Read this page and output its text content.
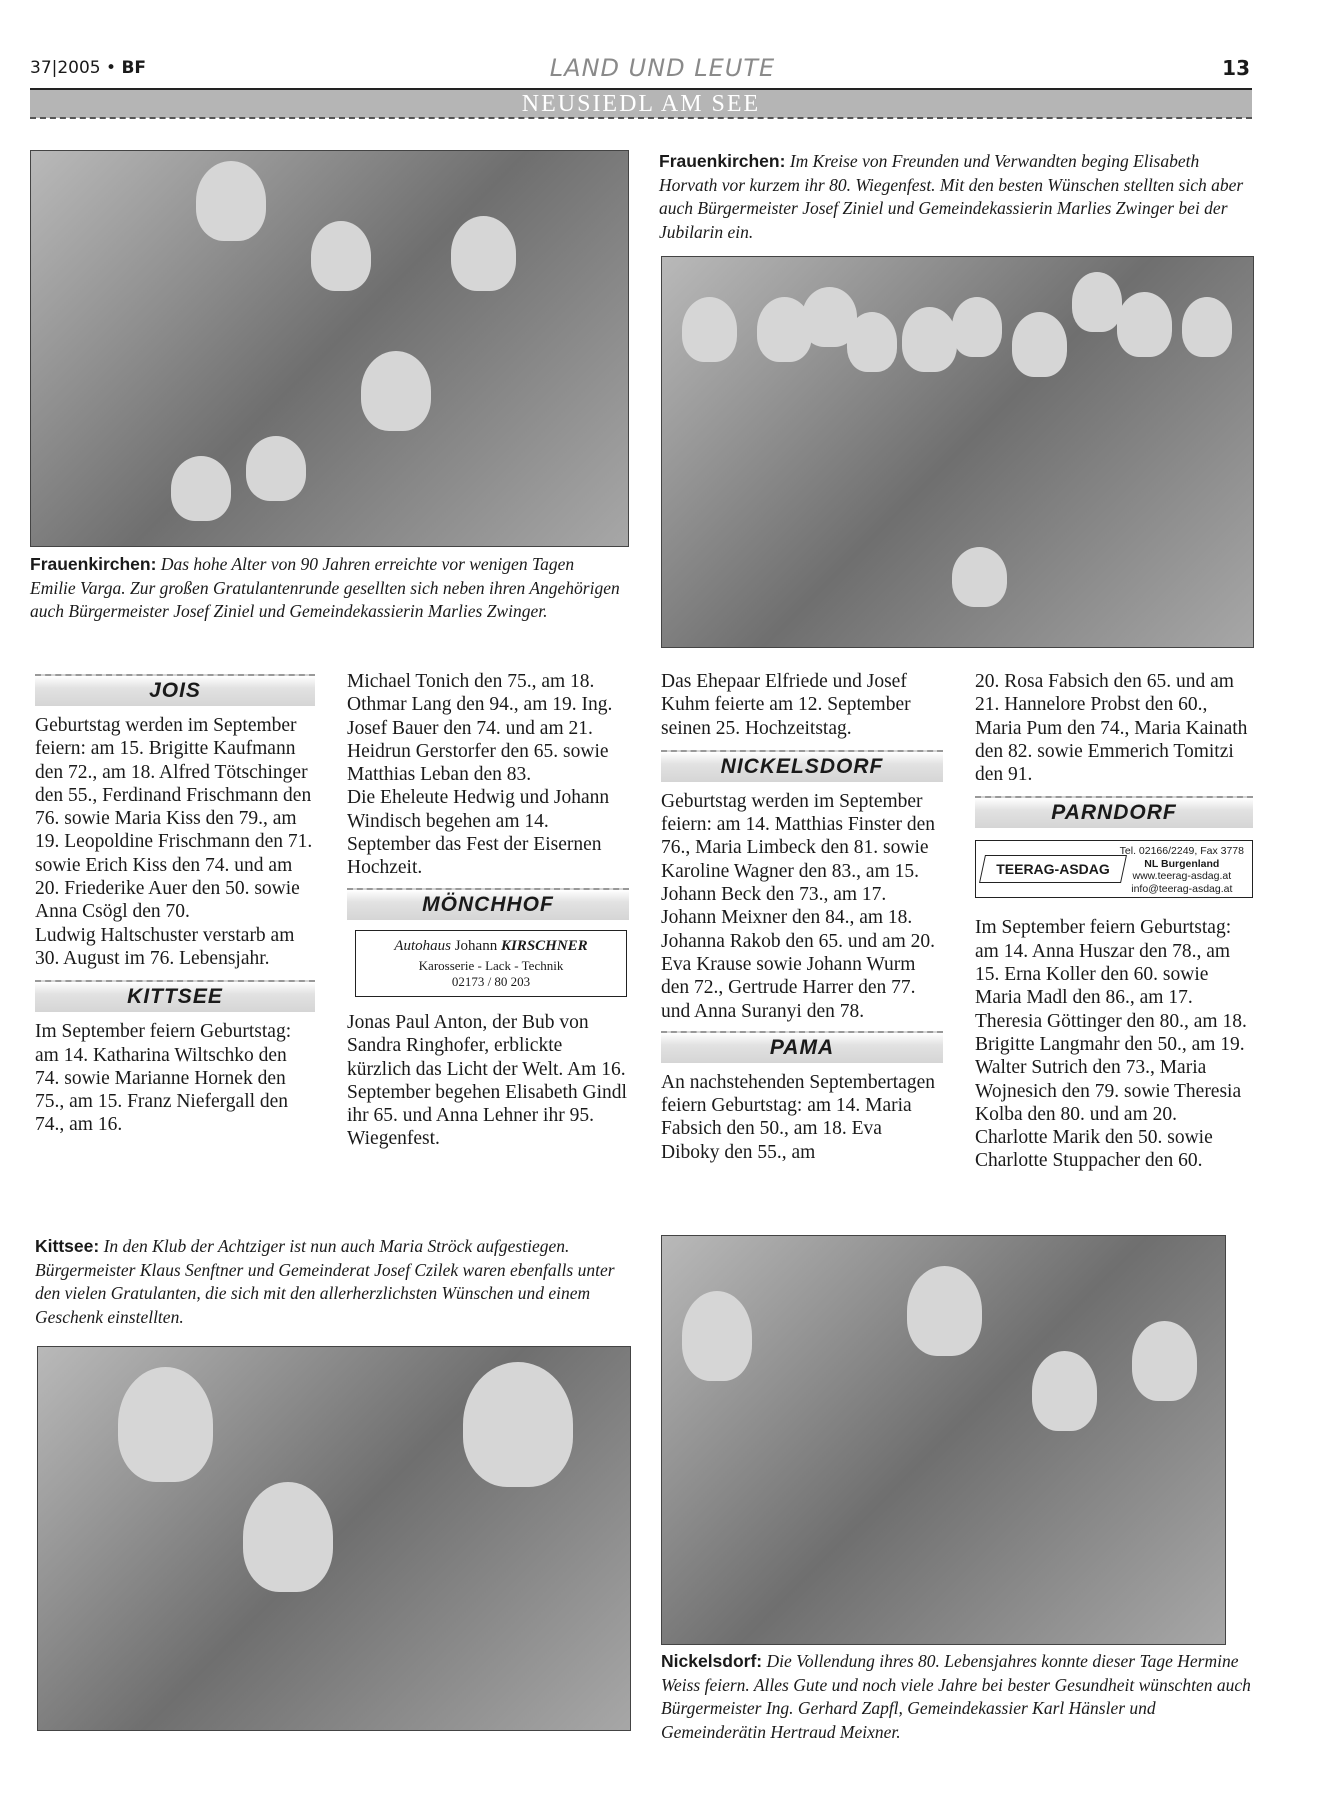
37|2005 • BF	LAND UND LEUTE	13
NEUSIEDL AM SEE
Frauenkirchen: Das hohe Alter von 90 Jahren erreichte vor wenigen Tagen Emilie Varga. Zur großen Gratulantenrunde gesellten sich neben ihren Angehörigen auch Bürgermeister Josef Ziniel und Gemeindekassierin Marlies Zwinger.
Frauenkirchen: Im Kreise von Freunden und Verwandten beging Elisabeth Horvath vor kurzem ihr 80. Wiegenfest. Mit den besten Wünschen stellten sich aber auch Bürgermeister Josef Ziniel und Gemeindekassierin Marlies Zwinger bei der Jubilarin ein.
JOIS

Geburtstag werden im September feiern: am 15. Brigitte Kaufmann den 72., am 18. Alfred Tötschinger den 55., Ferdinand Frischmann den 76. sowie Maria Kiss den 79., am 19. Leopoldine Frischmann den 71. sowie Erich Kiss den 74. und am 20. Friederike Auer den 50. sowie Anna Csögl den 70.

Ludwig Haltschuster verstarb am 30. August im 76. Lebensjahr.

KITTSEE

Im September feiern Geburtstag: am 14. Katharina Wiltschko den 74. sowie Marianne Hornek den 75., am 15. Franz Niefergall den 74., am 16.

Michael Tonich den 75., am 18. Othmar Lang den 94., am 19. Ing. Josef Bauer den 74. und am 21. Heidrun Gerstorfer den 65. sowie Matthias Leban den 83.

Die Eheleute Hedwig und Johann Windisch begehen am 14. September das Fest der Eisernen Hochzeit.

MÖNCHHOF
Autohaus Johann KIRSCHNER
Karosserie - Lack - Technik
02173 / 80 203

Jonas Paul Anton, der Bub von Sandra Ringhofer, erblickte kürzlich das Licht der Welt. Am 16. September begehen Elisabeth Gindl ihr 65. und Anna Lehner ihr 95. Wiegenfest.

Das Ehepaar Elfriede und Josef Kuhm feierte am 12. September seinen 25. Hochzeitstag.

NICKELSDORF

Geburtstag werden im September feiern: am 14. Matthias Finster den 76., Maria Limbeck den 81. sowie Karoline Wagner den 83., am 15. Johann Beck den 73., am 17. Johann Meixner den 84., am 18. Johanna Rakob den 65. und am 20. Eva Krause sowie Johann Wurm den 72., Gertrude Harrer den 77. und Anna Suranyi den 78.

PAMA

An nachstehenden Septembertagen feiern Geburtstag: am 14. Maria Fabsich den 50., am 18. Eva Diboky den 55., am

20. Rosa Fabsich den 65. und am 21. Hannelore Probst den 60., Maria Pum den 74., Maria Kainath den 82. sowie Emmerich Tomitzi den 91.

PARNDORF
TEERAG-ASDAG
Tel. 02166/2249, Fax 3778
NL Burgenland
www.teerag-asdag.at
info@teerag-asdag.at

Im September feiern Geburtstag: am 14. Anna Huszar den 78., am 15. Erna Koller den 60. sowie Maria Madl den 86., am 17. Theresia Göttinger den 80., am 18. Brigitte Langmahr den 50., am 19. Walter Sutrich den 73., Maria Wojnesich den 79. sowie Theresia Kolba den 80. und am 20. Charlotte Marik den 50. sowie Charlotte Stuppacher den 60.

Kittsee: In den Klub der Achtziger ist nun auch Maria Ströck aufgestiegen. Bürgermeister Klaus Senftner und Gemeinderat Josef Czilek waren ebenfalls unter den vielen Gratulanten, die sich mit den allerherzlichsten Wünschen und einem Geschenk einstellten.
Nickelsdorf: Die Vollendung ihres 80. Lebensjahres konnte dieser Tage Hermine Weiss feiern. Alles Gute und noch viele Jahre bei bester Gesundheit wünschten auch Bürgermeister Ing. Gerhard Zapfl, Gemeindekassier Karl Hänsler und Gemeinderätin Hertraud Meixner.
